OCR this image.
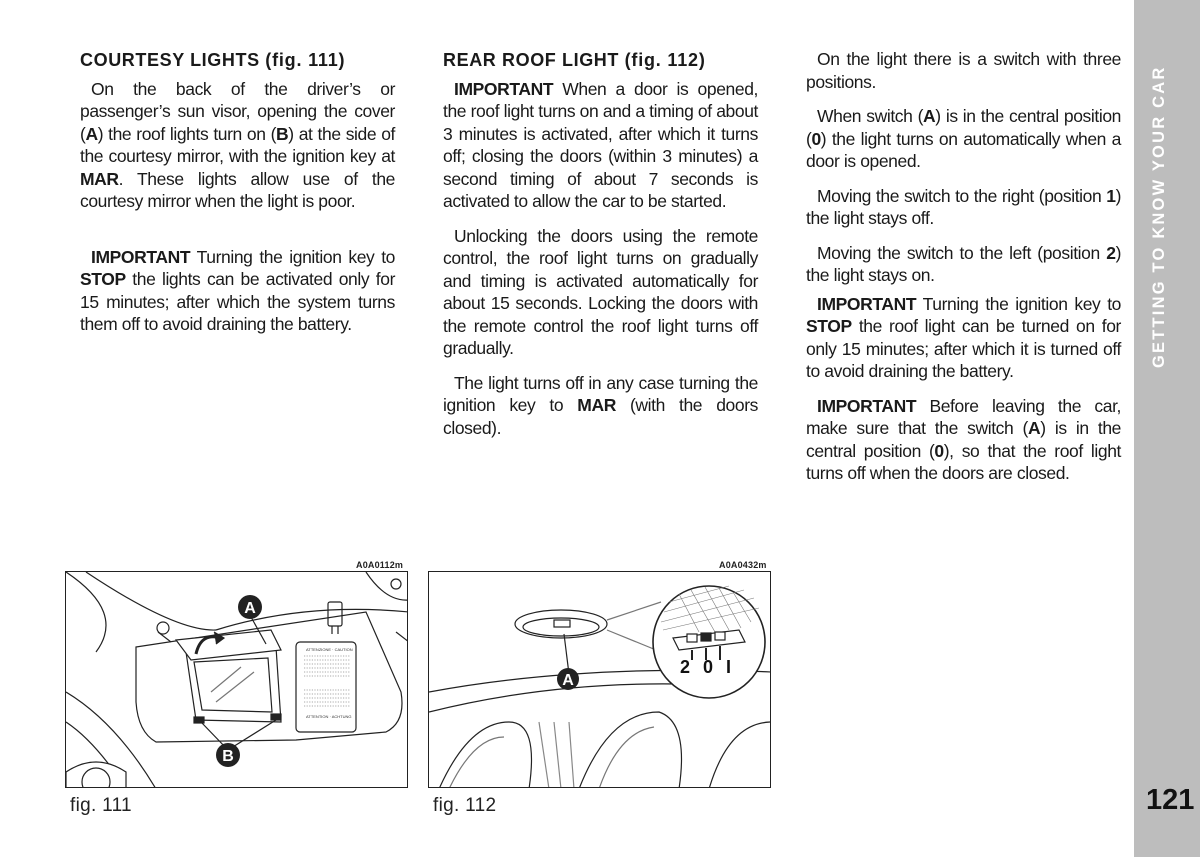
GETTING TO KNOW YOUR CAR
121
COURTESY LIGHTS (fig. 111)

On the back of the driver’s or passenger’s sun visor, opening the cover (A) the roof lights turn on (B) at the side of the courtesy mirror, with the ignition key at MAR. These lights allow use of the courtesy mirror when the light is poor.

IMPORTANT Turning the ignition key to STOP the lights can be activated only for 15 minutes; after which the system turns them off to avoid draining the battery.

REAR ROOF LIGHT (fig. 112)

IMPORTANT When a door is opened, the roof light turns on and a timing of about 3 minutes is activated, after which it turns off; closing the doors (within 3 minutes) a second timing of about 7 seconds is activated to allow the car to be started.

Unlocking the doors using the remote control, the roof light turns on gradually and timing is activated automatically for about 15 seconds. Locking the doors with the remote control the roof light turns off gradually.

The light turns off in any case turning the ignition key to MAR (with the doors closed).

On the light there is a switch with three positions.

When switch (A) is in the central position (0) the light turns on automatically when a door is opened.

Moving the switch to the right (position 1) the light stays off.

Moving the switch to the left (position 2) the light stays on.

IMPORTANT Turning the ignition key to STOP the roof light can be turned on for only 15 minutes; after which it is turned off to avoid draining the battery.

IMPORTANT Before leaving the car, make sure that the switch (A) is in the central position (0), so that the roof light turns off when the doors are closed.

A0A0112m
ATTENZIONE · CAUTION
ATTENTION · ACHTUNG
A
B
fig. 111
A0A0432m
2 0 I
A
fig. 112
